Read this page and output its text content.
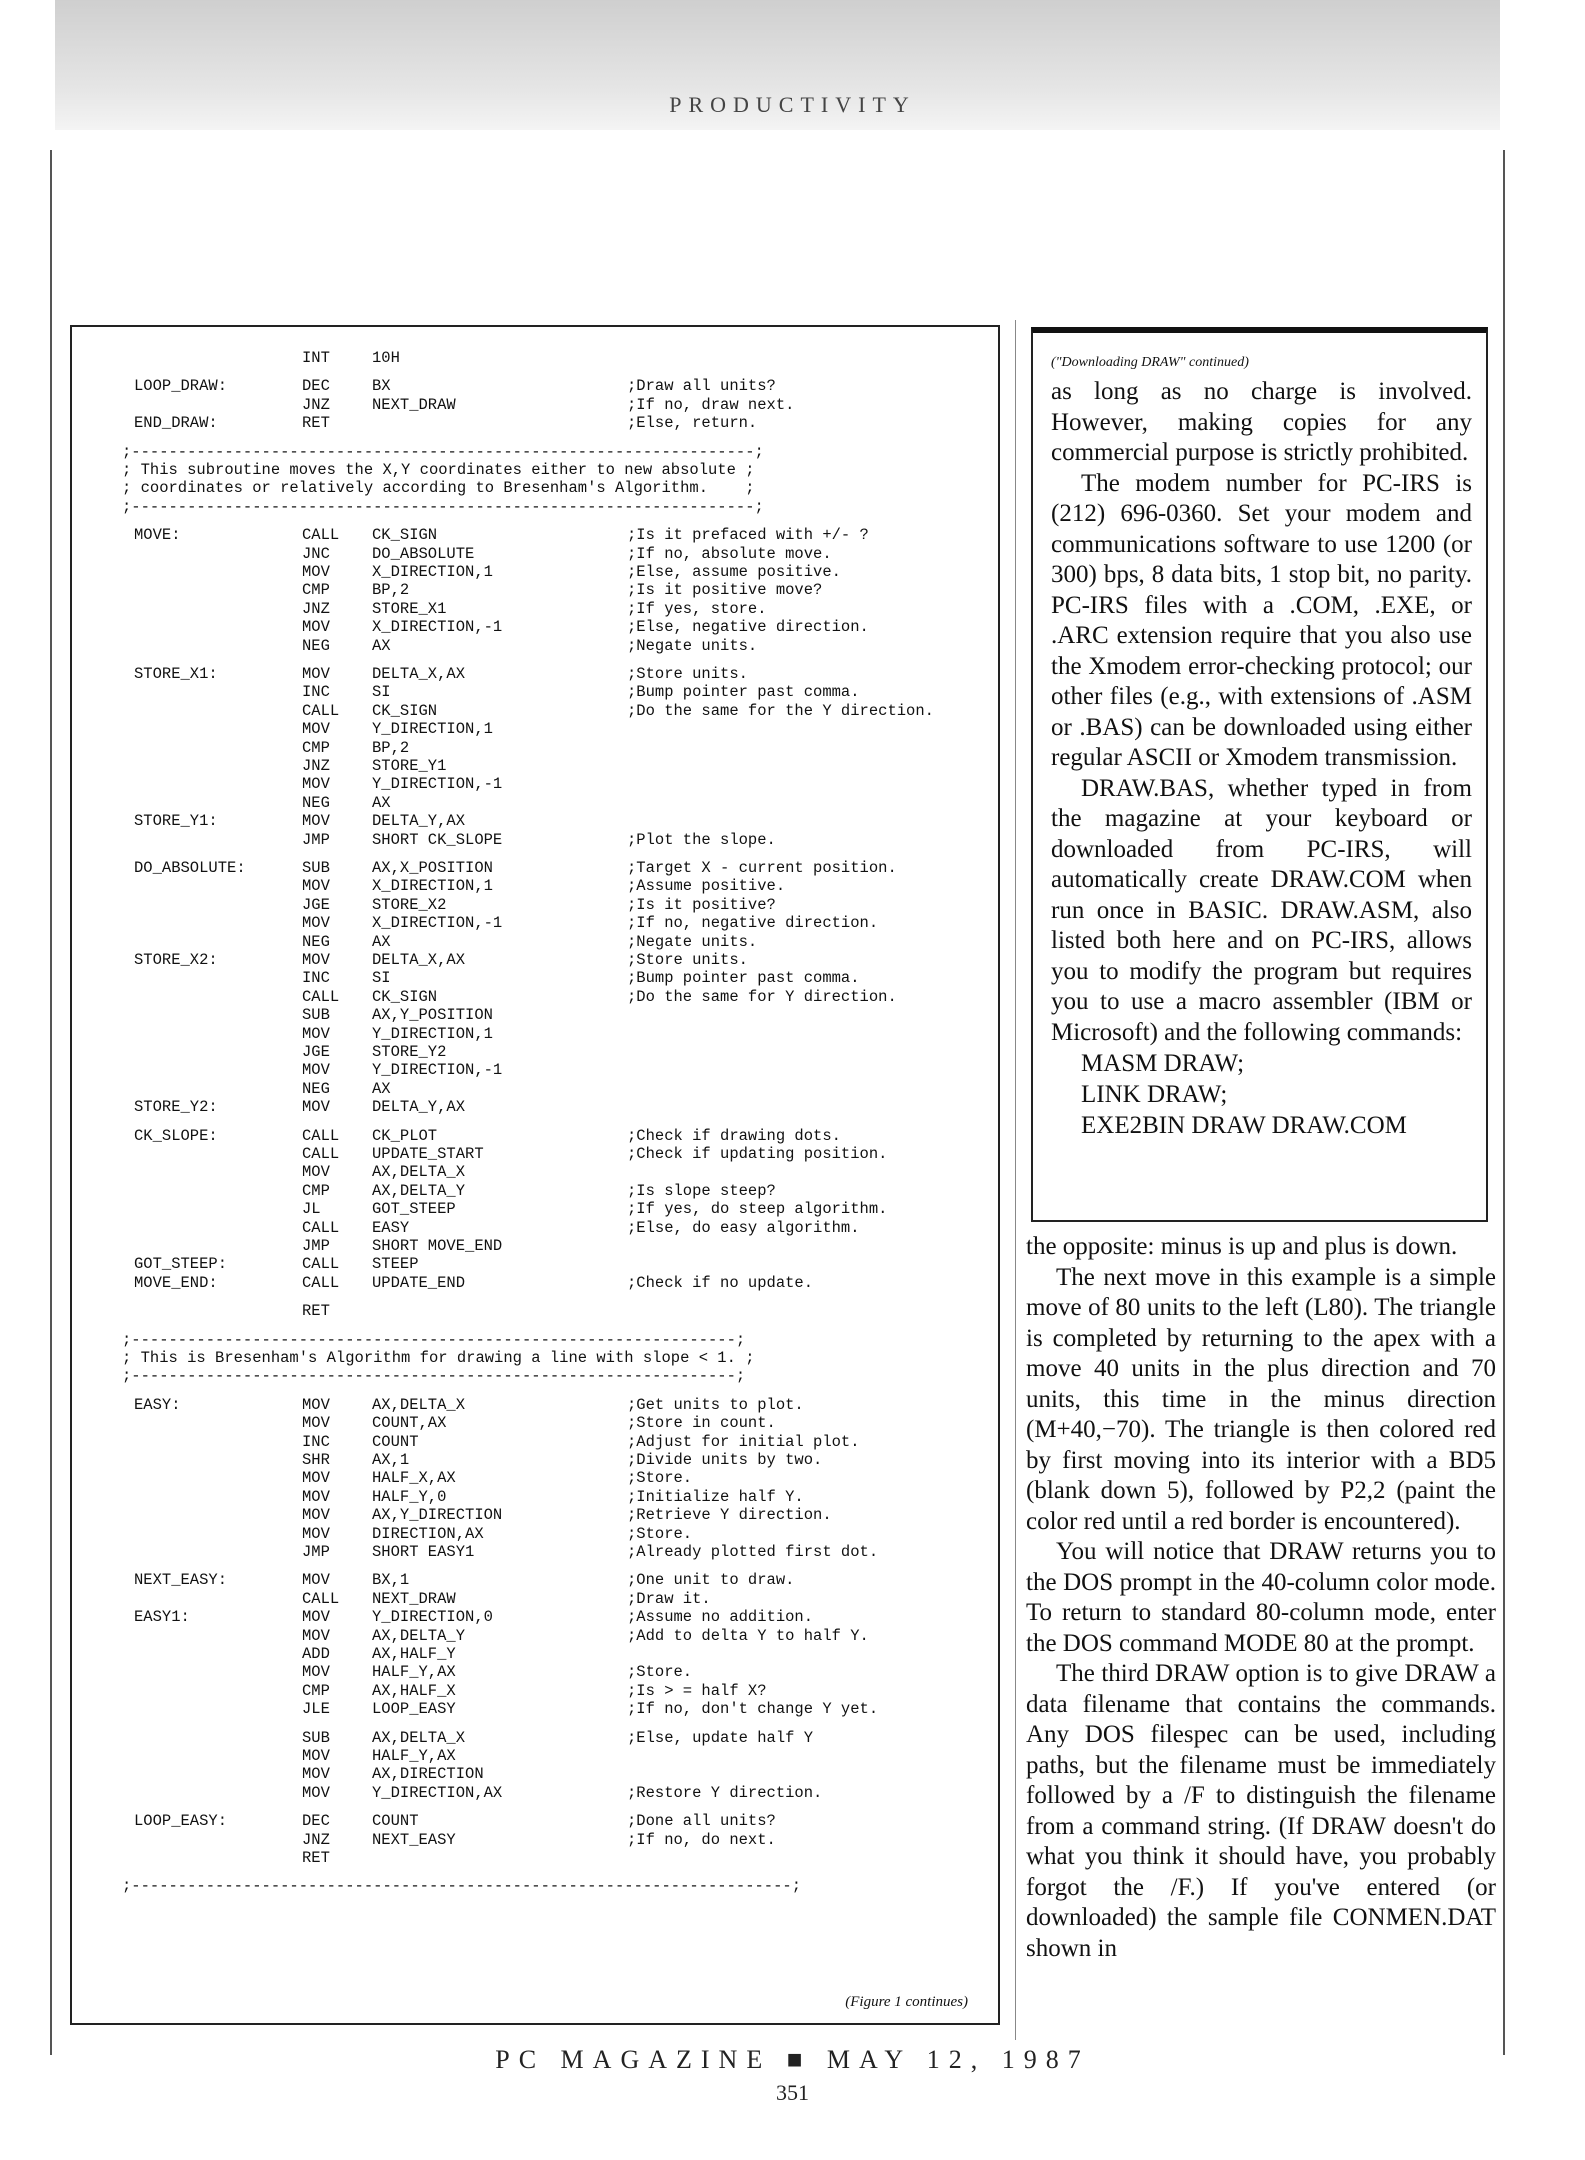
PRODUCTIVITY
INT	10H
LOOP_DRAW:	DEC	BX	;Draw all units?
JNZ	NEXT_DRAW	;If no, draw next.
END_DRAW:	RET	;Else, return.
;-------------------------------------------------------------------;
; This subroutine moves the X,Y coordinates either to new absolute ;
; coordinates or relatively according to Bresenham's Algorithm.    ;
;-------------------------------------------------------------------;
MOVE:	CALL CK_SIGN	;Is it prefaced with +/- ?
JNC	DO_ABSOLUTE	;If no, absolute move.
MOV	X_DIRECTION,1	;Else, assume positive.
CMP	BP,2	;Is it positive move?
JNZ	STORE_X1	;If yes, store.
MOV	X_DIRECTION,-1	;Else, negative direction.
NEG	AX	;Negate units.
STORE_X1:	MOV	DELTA_X,AX	;Store units.
INC	SI	;Bump pointer past comma.
CALL CK_SIGN	;Do the same for the Y direction.
MOV	Y_DIRECTION,1
CMP	BP,2
JNZ	STORE_Y1
MOV	Y_DIRECTION,-1
NEG	AX
STORE_Y1:	MOV	DELTA_Y,AX
JMP	SHORT CK_SLOPE	;Plot the slope.
DO_ABSOLUTE:	SUB	AX,X_POSITION	;Target X - current position.
MOV	X_DIRECTION,1	;Assume positive.
JGE	STORE_X2	;Is it positive?
MOV	X_DIRECTION,-1	;If no, negative direction.
NEG	AX	;Negate units.
STORE_X2:	MOV	DELTA_X,AX	;Store units.
INC	SI	;Bump pointer past comma.
CALL CK_SIGN	;Do the same for Y direction.
SUB	AX,Y_POSITION
MOV	Y_DIRECTION,1
JGE	STORE_Y2
MOV	Y_DIRECTION,-1
NEG	AX
STORE_Y2:	MOV	DELTA_Y,AX
CK_SLOPE:	CALL CK_PLOT	;Check if drawing dots.
CALL UPDATE_START	;Check if updating position.
MOV	AX,DELTA_X
CMP	AX,DELTA_Y	;Is slope steep?
JL	GOT_STEEP	;If yes, do steep algorithm.
CALL EASY	;Else, do easy algorithm.
JMP	SHORT MOVE_END
GOT_STEEP:	CALL STEEP
MOVE_END:	CALL UPDATE_END	;Check if no update.
RET
;-----------------------------------------------------------------;
; This is Bresenham's Algorithm for drawing a line with slope < 1. ;
;-----------------------------------------------------------------;
EASY:	MOV	AX,DELTA_X	;Get units to plot.
MOV	COUNT,AX	;Store in count.
INC	COUNT	;Adjust for initial plot.
SHR	AX,1	;Divide units by two.
MOV	HALF_X,AX	;Store.
MOV	HALF_Y,0	;Initialize half Y.
MOV	AX,Y_DIRECTION	;Retrieve Y direction.
MOV	DIRECTION,AX	;Store.
JMP	SHORT EASY1	;Already plotted first dot.
NEXT_EASY:	MOV	BX,1	;One unit to draw.
CALL NEXT_DRAW	;Draw it.
EASY1:	MOV	Y_DIRECTION,0	;Assume no addition.
MOV	AX,DELTA_Y	;Add to delta Y to half Y.
ADD	AX,HALF_Y
MOV	HALF_Y,AX	;Store.
CMP	AX,HALF_X	;Is > = half X?
JLE	LOOP_EASY	;If no, don't change Y yet.
SUB	AX,DELTA_X	;Else, update half Y
MOV	HALF_Y,AX
MOV	AX,DIRECTION
MOV	Y_DIRECTION,AX	;Restore Y direction.
LOOP_EASY:	DEC	COUNT	;Done all units?
JNZ	NEXT_EASY	;If no, do next.
RET
;-----------------------------------------------------------------------;
(Figure 1 continues)
("Downloading DRAW" continued)

as long as no charge is involved. However, making copies for any commercial purpose is strictly prohibited.

The modem number for PC-IRS is (212) 696-0360. Set your modem and communications software to use 1200 (or 300) bps, 8 data bits, 1 stop bit, no parity. PC-IRS files with a .COM, .EXE, or .ARC extension require that you also use the Xmodem error-checking protocol; our other files (e.g., with extensions of .ASM or .BAS) can be downloaded using either regular ASCII or Xmodem transmission.

DRAW.BAS, whether typed in from the magazine at your keyboard or downloaded from PC-IRS, will automatically create DRAW.COM when run once in BASIC. DRAW.ASM, also listed both here and on PC-IRS, allows you to modify the program but requires you to use a macro assembler (IBM or Microsoft) and the following commands:

MASM DRAW;
LINK DRAW;
EXE2BIN DRAW DRAW.COM

the opposite: minus is up and plus is down.

The next move in this example is a simple move of 80 units to the left (L80). The triangle is completed by returning to the apex with a move 40 units in the plus direction and 70 units, this time in the minus direction (M+40,−70). The triangle is then colored red by first moving into its interior with a BD5 (blank down 5), followed by P2,2 (paint the color red until a red border is encountered).

You will notice that DRAW returns you to the DOS prompt in the 40-column color mode. To return to standard 80-column mode, enter the DOS command MODE 80 at the prompt.

The third DRAW option is to give DRAW a data filename that contains the commands. Any DOS filespec can be used, including paths, but the filename must be immediately followed by a /F to distinguish the filename from a command string. (If DRAW doesn't do what you think it should have, you probably forgot the /F.) If you've entered (or downloaded) the sample file CONMEN.DAT shown in

PC MAGAZINE ■ MAY 12, 1987
351
